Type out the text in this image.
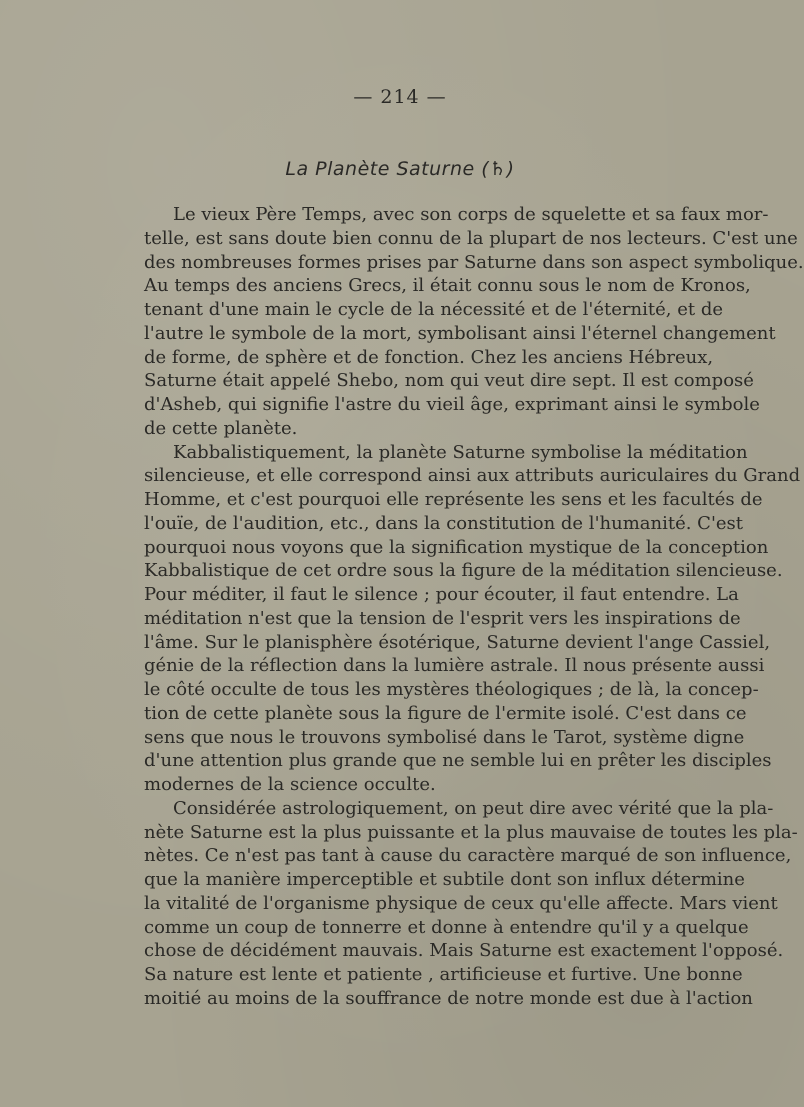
— 214 —
La Planète Saturne (♄)
Le vieux Père Temps, avec son corps de squelette et sa faux mor-
telle, est sans doute bien connu de la plupart de nos lecteurs. C'est une
des nombreuses formes prises par Saturne dans son aspect symbolique.
Au temps des anciens Grecs, il était connu sous le nom de Kronos,
tenant d'une main le cycle de la nécessité et de l'éternité, et de
l'autre le symbole de la mort, symbolisant ainsi l'éternel changement
de forme, de sphère et de fonction. Chez les anciens Hébreux,
Saturne était appelé Shebo, nom qui veut dire sept. Il est composé
d'Asheb, qui signifie l'astre du vieil âge, exprimant ainsi le symbole
de cette planète.
Kabbalistiquement, la planète Saturne symbolise la méditation
silencieuse, et elle correspond ainsi aux attributs auriculaires du Grand
Homme, et c'est pourquoi elle représente les sens et les facultés de
l'ouïe, de l'audition, etc., dans la constitution de l'humanité. C'est
pourquoi nous voyons que la signification mystique de la conception
Kabbalistique de cet ordre sous la figure de la méditation silencieuse.
Pour méditer, il faut le silence ; pour écouter, il faut entendre. La
méditation n'est que la tension de l'esprit vers les inspirations de
l'âme. Sur le planisphère ésotérique, Saturne devient l'ange Cassiel,
génie de la réflection dans la lumière astrale. Il nous présente aussi
le côté occulte de tous les mystères théologiques ; de là, la concep-
tion de cette planète sous la figure de l'ermite isolé. C'est dans ce
sens que nous le trouvons symbolisé dans le Tarot, système digne
d'une attention plus grande que ne semble lui en prêter les disciples
modernes de la science occulte.
Considérée astrologiquement, on peut dire avec vérité que la pla-
nète Saturne est la plus puissante et la plus mauvaise de toutes les pla-
nètes. Ce n'est pas tant à cause du caractère marqué de son influence,
que la manière imperceptible et subtile dont son influx détermine
la vitalité de l'organisme physique de ceux qu'elle affecte. Mars vient
comme un coup de tonnerre et donne à entendre qu'il y a quelque
chose de décidément mauvais. Mais Saturne est exactement l'opposé.
Sa nature est lente et patiente , artificieuse et furtive. Une bonne
moitié au moins de la souffrance de notre monde est due à l'action
